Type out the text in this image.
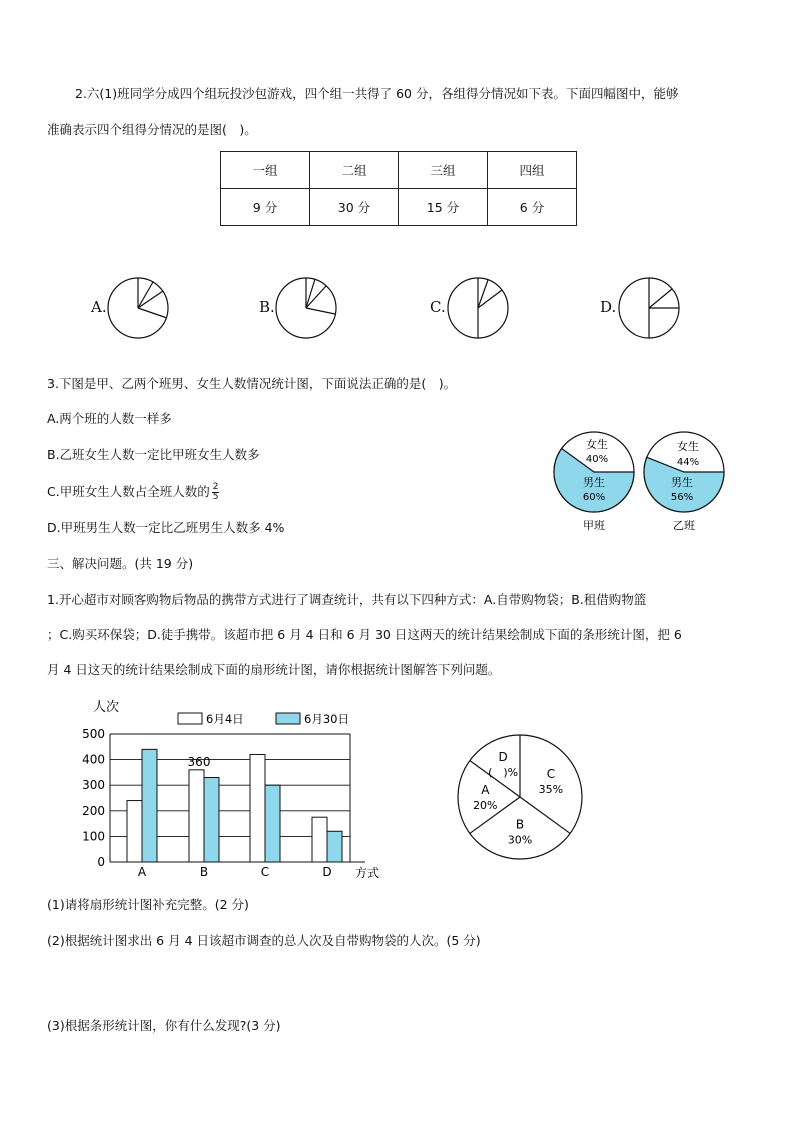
2.六(1)班同学分成四个组玩投沙包游戏，四个组一共得了 60 分，各组得分情况如下表。下面四幅图中，能够
准确表示四个组得分情况的是图(　)。
一组	二组	三组	四组
9 分	30 分	15 分	6 分
A.	B.	C.	D.
3.下图是甲、乙两个班男、女生人数情况统计图，下面说法正确的是(　)。
A.两个班的人数一样多
B.乙班女生人数一定比甲班女生人数多
C.甲班女生人数占全班人数的 $\frac{2}{5}$
D.甲班男生人数一定比乙班男生人数多 4%
女生
40%
男生
60%
甲班
女生
44%
男生
56%
乙班
三、解决问题。(共 19 分)
1.开心超市对顾客购物后物品的携带方式进行了调查统计，共有以下四种方式：A.自带购物袋；B.租借购物篮
；C.购买环保袋；D.徒手携带。该超市把 6 月 4 日和 6 月 30 日这两天的统计结果绘制成下面的条形统计图，把 6
月 4 日这天的统计结果绘制成下面的扇形统计图，请你根据统计图解答下列问题。
人次
6月4日	6月30日
0
100
200
300
400
500
A	B	C	D
360
方式
C
35%
B
30%
A
20%
D
(　)%
(1)请将扇形统计图补充完整。(2 分)
(2)根据统计图求出 6 月 4 日该超市调查的总人次及自带购物袋的人次。(5 分)
(3)根据条形统计图，你有什么发现?(3 分)
